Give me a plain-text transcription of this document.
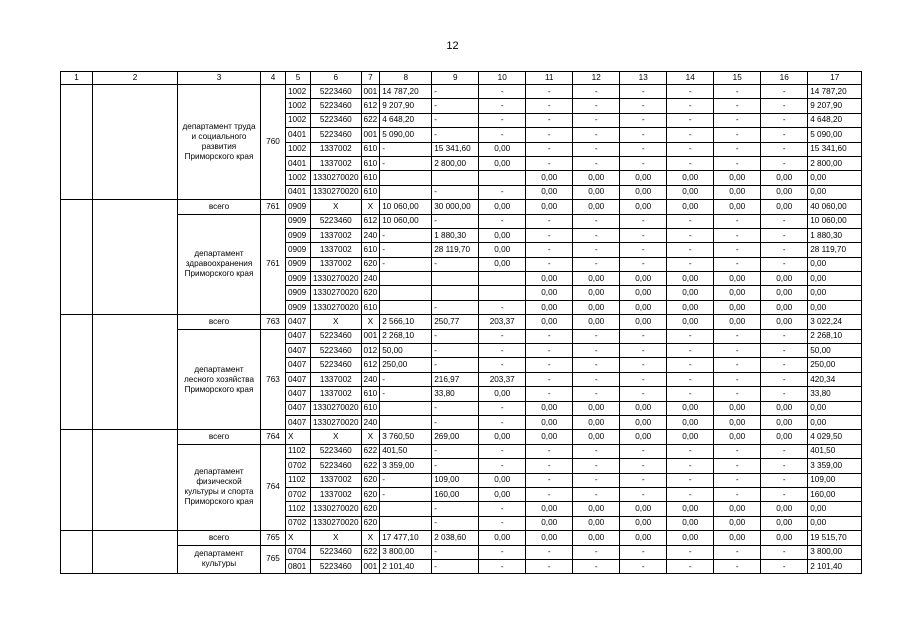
12
1	2	3	4	5	6	7	8	9	10	11	12	13	14	15	16	17
		департамент труда и социального развития Приморского края	760	1002	5223460	001	14 787,20	-	-	-	-	-	-	-	-	14 787,20
				1002	5223460	612	9 207,90	-	-	-	-	-	-	-	-	9 207,90
				1002	5223460	622	4 648,20	-	-	-	-	-	-	-	-	4 648,20
				0401	5223460	001	5 090,00	-	-	-	-	-	-	-	-	5 090,00
				1002	1337002	610	-	15 341,60	0,00	-	-	-	-	-	-	15 341,60
				0401	1337002	610	-	2 800,00	0,00	-	-	-	-	-	-	2 800,00
				1002	1330270020	610				0,00	0,00	0,00	0,00	0,00	0,00	0,00
				0401	1330270020	610		-	-	0,00	0,00	0,00	0,00	0,00	0,00	0,00
		всего	761	0909	X	X	10 060,00	30 000,00	0,00	0,00	0,00	0,00	0,00	0,00	0,00	40 060,00
		департамент здравоохранения Приморского края	761	0909	5223460	612	10 060,00	-	-	-	-	-	-	-	-	10 060,00
				0909	1337002	240	-	1 880,30	0,00	-	-	-	-	-	-	1 880,30
				0909	1337002	610	-	28 119,70	0,00	-	-	-	-	-	-	28 119,70
				0909	1337002	620	-	-	0,00	-	-	-	-	-	-	0,00
				0909	1330270020	240				0,00	0,00	0,00	0,00	0,00	0,00	0,00
				0909	1330270020	620				0,00	0,00	0,00	0,00	0,00	0,00	0,00
				0909	1330270020	610		-	-	0,00	0,00	0,00	0,00	0,00	0,00	0,00
		всего	763	0407	X	X	2 566,10	250,77	203,37	0,00	0,00	0,00	0,00	0,00	0,00	3 022,24
		департамент лесного хозяйства Приморского края	763	0407	5223460	001	2 268,10	-	-	-	-	-	-	-	-	2 268,10
				0407	5223460	012	50,00	-	-	-	-	-	-	-	-	50,00
				0407	5223460	612	250,00	-	-	-	-	-	-	-	-	250,00
				0407	1337002	240	-	216,97	203,37	-	-	-	-	-	-	420,34
				0407	1337002	610	-	33,80	0,00	-	-	-	-	-	-	33,80
				0407	1330270020	610		-	-	0,00	0,00	0,00	0,00	0,00	0,00	0,00
				0407	1330270020	240		-	-	0,00	0,00	0,00	0,00	0,00	0,00	0,00
		всего	764	X	X	X	3 760,50	269,00	0,00	0,00	0,00	0,00	0,00	0,00	0,00	4 029,50
		департамент физической культуры и спорта Приморского края	764	1102	5223460	622	401,50	-	-	-	-	-	-	-	-	401,50
				0702	5223460	622	3 359,00	-	-	-	-	-	-	-	-	3 359,00
				1102	1337002	620	-	109,00	0,00	-	-	-	-	-	-	109,00
				0702	1337002	620	-	160,00	0,00	-	-	-	-	-	-	160,00
				1102	1330270020	620		-	-	0,00	0,00	0,00	0,00	0,00	0,00	0,00
				0702	1330270020	620		-	-	0,00	0,00	0,00	0,00	0,00	0,00	0,00
		всего	765	X	X	X	17 477,10	2 038,60	0,00	0,00	0,00	0,00	0,00	0,00	0,00	19 515,70
		департамент культуры	765	0704	5223460	622	3 800,00	-	-	-	-	-	-	-	-	3 800,00
				0801	5223460	001	2 101,40	-	-	-	-	-	-	-	-	2 101,40
